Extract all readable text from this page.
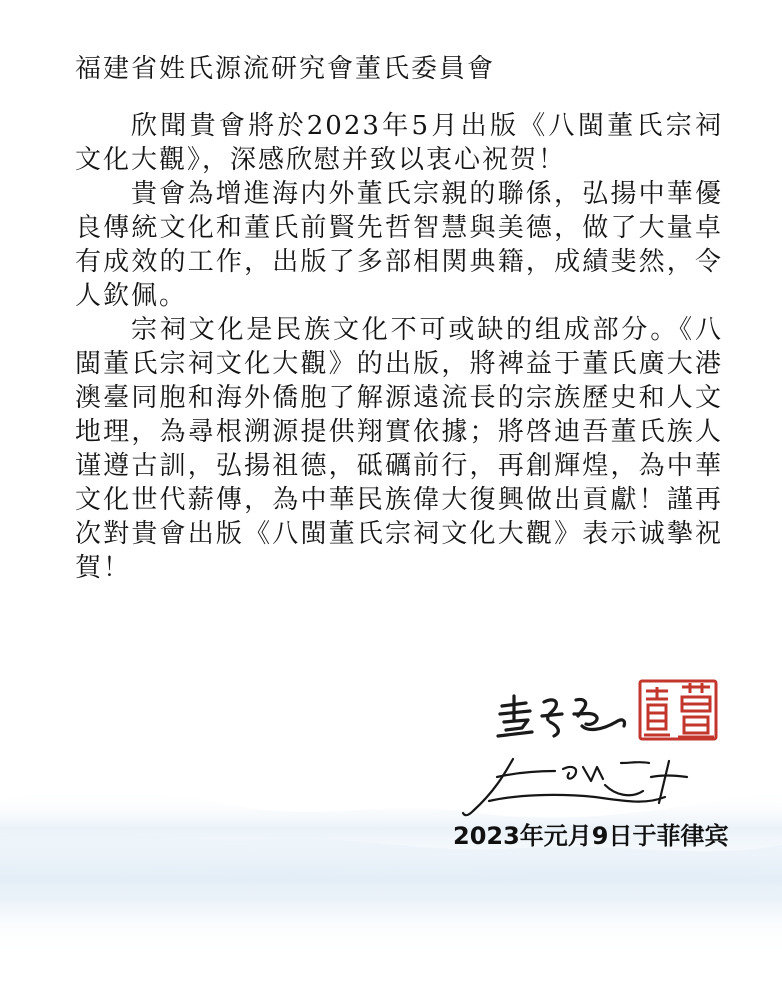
福建省姓氏源流研究會董氏委員會

欣聞貴會將於2023年5月出版《八閩董氏宗祠文化大觀》，深感欣慰并致以衷心祝贺！

貴會為增進海内外董氏宗親的聯係，弘揚中華優良傳統文化和董氏前賢先哲智慧與美德，做了大量卓有成效的工作，出版了多部相関典籍，成績斐然，令人欽佩。

宗祠文化是民族文化不可或缺的组成部分。《八閩董氏宗祠文化大觀》的出版，將裨益于董氏廣大港澳臺同胞和海外僑胞了解源遠流長的宗族歷史和人文地理，為尋根溯源提供翔實依據；將啓迪吾董氏族人谨遵古訓，弘揚祖德，砥礪前行，再創輝煌，為中華文化世代薪傳，為中華民族偉大復興做出貢獻！謹再次對貴會出版《八閩董氏宗祠文化大觀》表示诚摰祝賀！

2023年元月9日于菲律宾
